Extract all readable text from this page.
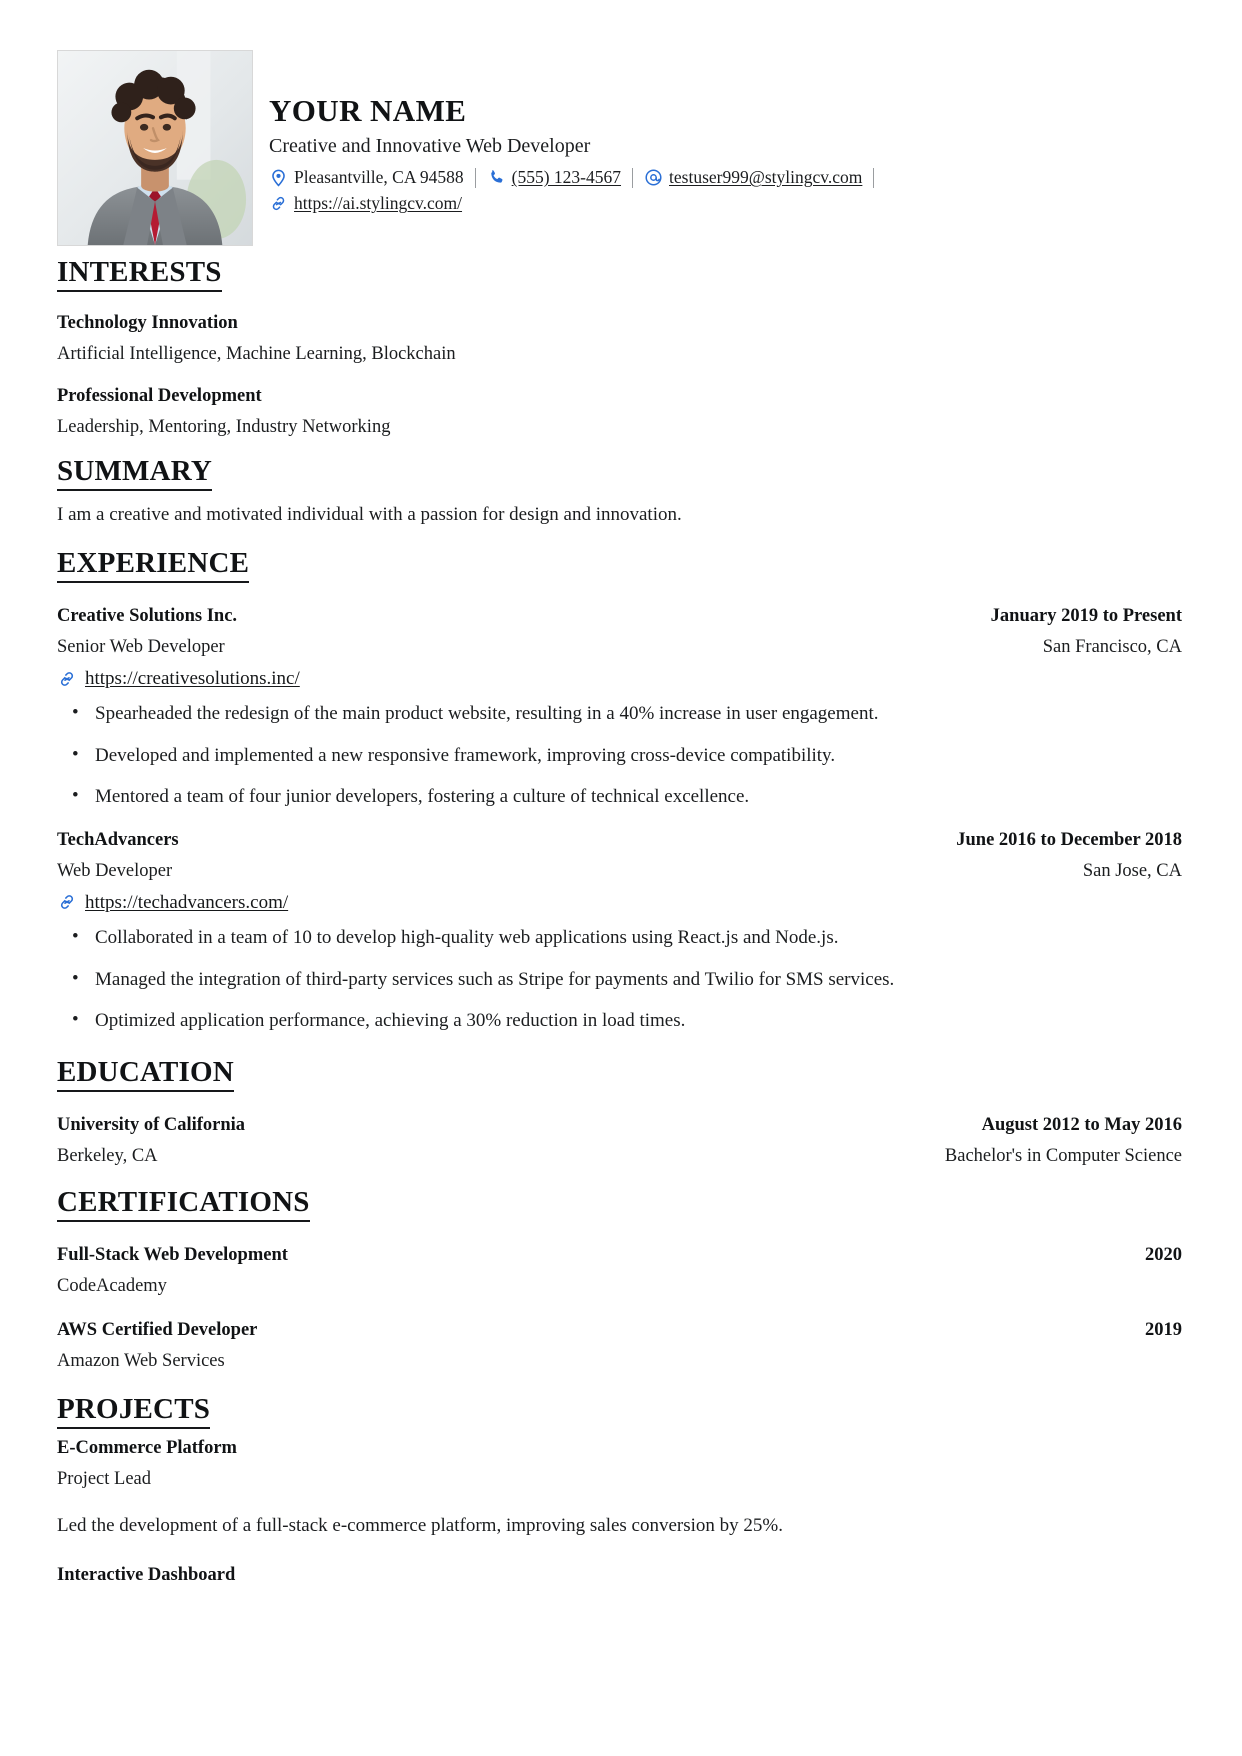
YOUR NAME
Creative and Innovative Web Developer
Pleasantville, CA 94588	(555) 123-4567	testuser999@stylingcv.com
https://ai.stylingcv.com/
INTERESTS
Technology Innovation
Artificial Intelligence, Machine Learning, Blockchain
Professional Development
Leadership, Mentoring, Industry Networking
SUMMARY
I am a creative and motivated individual with a passion for design and innovation.
EXPERIENCE
Creative Solutions Inc.	January 2019 to Present
Senior Web Developer	San Francisco, CA
https://creativesolutions.inc/
• Spearheaded the redesign of the main product website, resulting in a 40% increase in user engagement.
• Developed and implemented a new responsive framework, improving cross-device compatibility.
• Mentored a team of four junior developers, fostering a culture of technical excellence.
TechAdvancers	June 2016 to December 2018
Web Developer	San Jose, CA
https://techadvancers.com/
• Collaborated in a team of 10 to develop high-quality web applications using React.js and Node.js.
• Managed the integration of third-party services such as Stripe for payments and Twilio for SMS services.
• Optimized application performance, achieving a 30% reduction in load times.
EDUCATION
University of California	August 2012 to May 2016
Berkeley, CA	Bachelor's in Computer Science
CERTIFICATIONS
Full-Stack Web Development	2020
CodeAcademy
AWS Certified Developer	2019
Amazon Web Services
PROJECTS
E-Commerce Platform
Project Lead
Led the development of a full-stack e-commerce platform, improving sales conversion by 25%.
Interactive Dashboard
